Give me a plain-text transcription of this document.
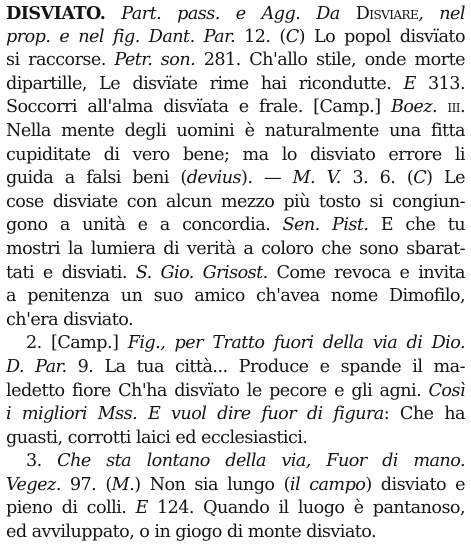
DISVIATO. Part. pass. e Agg. Da Disviare, nel
prop. e nel fig. Dant. Par. 12. (C) Lo popol disvïato
si raccorse. Petr. son. 281. Ch'allo stile, onde morte
dipartille, Le disvïate rime hai ricondutte. E 313.
Soccorri all'alma disvïata e frale. [Camp.] Boez. iii.
Nella mente degli uomini è naturalmente una fitta
cupiditate di vero bene; ma lo disviato errore li
guida a falsi beni (devius). — M. V. 3. 6. (C) Le
cose disviate con alcun mezzo più tosto si congiun-
gono a unità e a concordia. Sen. Pist. E che tu
mostri la lumiera di verità a coloro che sono sbarat-
tati e disviati. S. Gio. Grisost. Come revoca e invita
a penitenza un suo amico ch'avea nome Dimofilo,
ch'era disviato.
2. [Camp.] Fig., per Tratto fuori della via di Dio.
D. Par. 9. La tua città... Produce e spande il ma-
ledetto fiore Ch'ha disvïato le pecore e gli agni. Così
i migliori Mss. E vuol dire fuor di figura: Che ha
guasti, corrotti laici ed ecclesiastici.
3. Che sta lontano della via, Fuor di mano.
Vegez. 97. (M.) Non sia lungo (il campo) disviato e
pieno di colli. E 124. Quando il luogo è pantanoso,
ed avviluppato, o in giogo di monte disviato.
